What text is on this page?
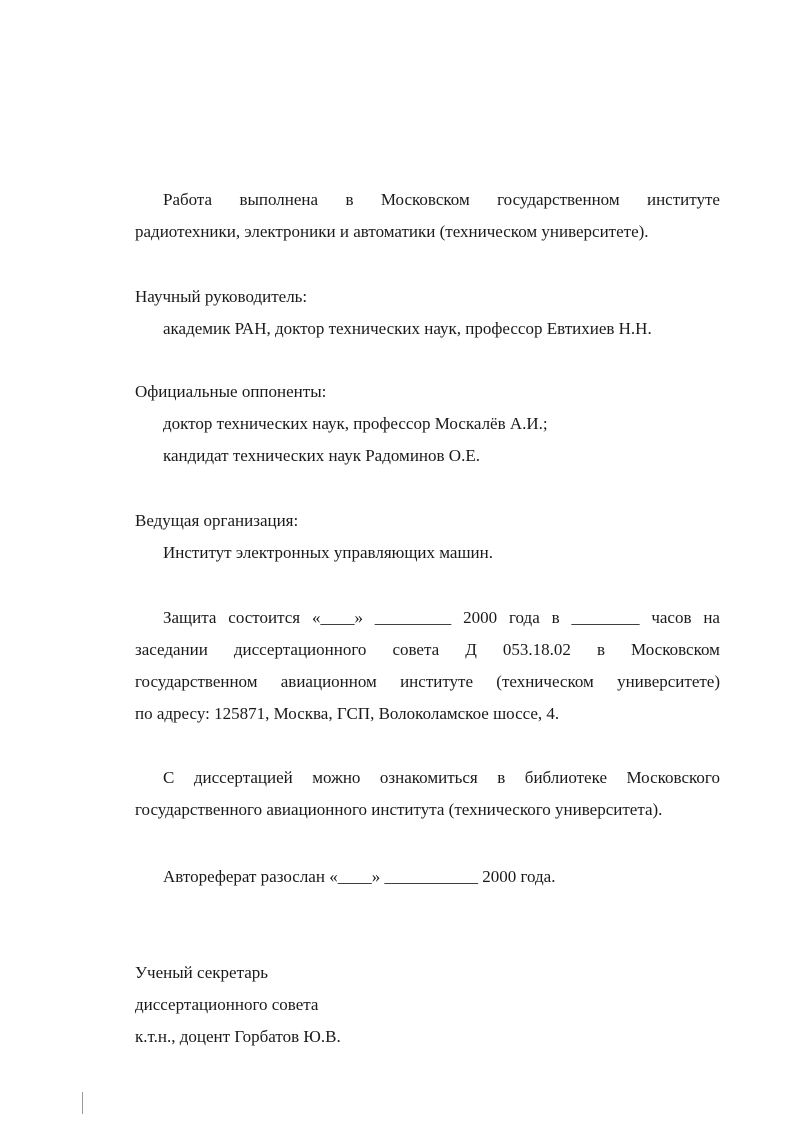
Работа выполнена в Московском государственном институте
радиотехники, электроники и автоматики (техническом университете).
Научный руководитель:
академик РАН, доктор технических наук, профессор Евтихиев Н.Н.
Официальные оппоненты:
доктор технических наук, профессор Москалёв А.И.;
кандидат технических наук Радоминов О.Е.
Ведущая организация:
Институт электронных управляющих машин.
Защита состоится «____» _________ 2000 года в ________ часов на
заседании диссертационного совета Д 053.18.02 в Московском
государственном авиационном институте (техническом университете)
по адресу: 125871, Москва, ГСП, Волоколамское шоссе, 4.
С диссертацией можно ознакомиться в библиотеке Московского
государственного авиационного института (технического университета).
Автореферат разослан «____» ___________ 2000 года.
Ученый секретарь
диссертационного совета
к.т.н., доцент Горбатов Ю.В.
